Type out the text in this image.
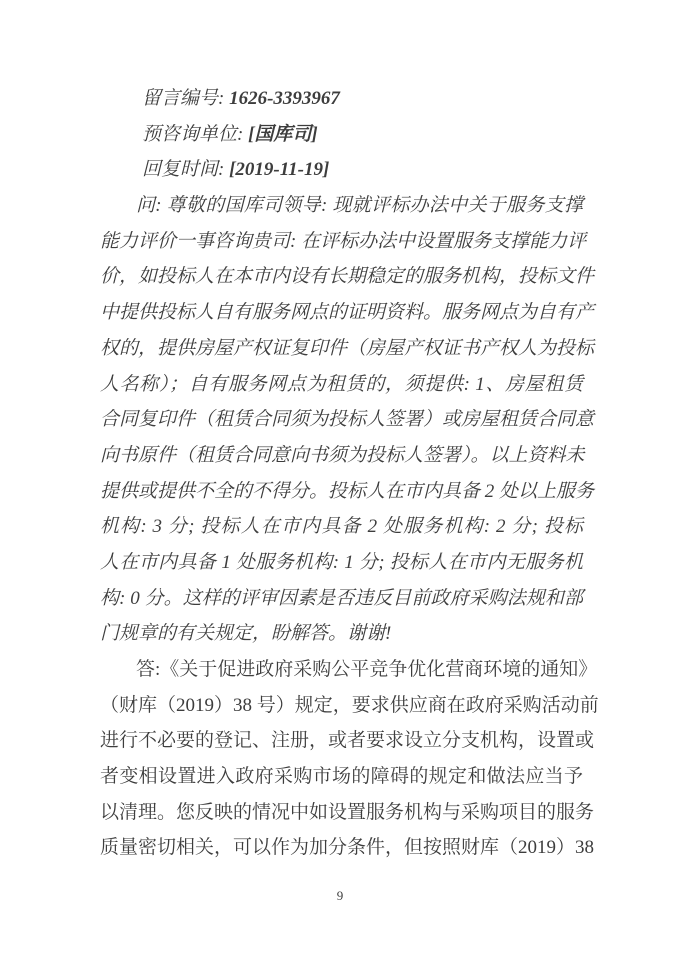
留言编号: 1626-3393967
预咨询单位: [国库司]
回复时间: [2019-11-19]
问: 尊敬的国库司领导: 现就评标办法中关于服务支撑
能力评价一事咨询贵司: 在评标办法中设置服务支撑能力评
价，如投标人在本市内设有长期稳定的服务机构，投标文件
中提供投标人自有服务网点的证明资料。服务网点为自有产
权的，提供房屋产权证复印件（房屋产权证书产权人为投标
人名称）；自有服务网点为租赁的，须提供: 1、房屋租赁
合同复印件（租赁合同须为投标人签署）或房屋租赁合同意
向书原件（租赁合同意向书须为投标人签署）。以上资料未
提供或提供不全的不得分。投标人在市内具备 2 处以上服务
机构: 3 分; 投标人在市内具备 2 处服务机构: 2 分; 投标
人在市内具备 1 处服务机构: 1 分; 投标人在市内无服务机
构: 0 分。这样的评审因素是否违反目前政府采购法规和部
门规章的有关规定，盼解答。谢谢!
答:《关于促进政府采购公平竞争优化营商环境的通知》
（财库（2019）38 号）规定，要求供应商在政府采购活动前
进行不必要的登记、注册，或者要求设立分支机构，设置或
者变相设置进入政府采购市场的障碍的规定和做法应当予
以清理。您反映的情况中如设置服务机构与采购项目的服务
质量密切相关，可以作为加分条件，但按照财库（2019）38
9
